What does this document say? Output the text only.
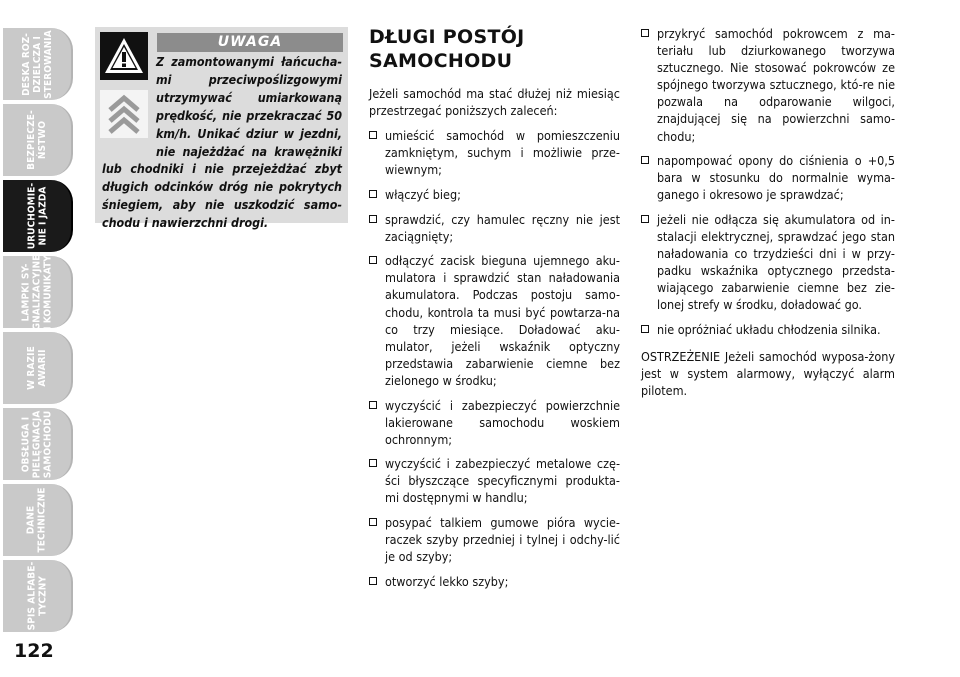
DESKA ROZ-
DZIELCZA I
STEROWANIA
BEZPIECZE-
ŃSTWO
URUCHOMIE-
NIE I JAZDA
LAMPKI SY-
GNALIZACYJNE
I KOMUNIKATY
W RAZIE
AWARII
OBSŁUGA I
PIELĘGNACJA
SAMOCHODU
DANE
TECHNICZNE
SPIS ALFABE-
TYCZNY
122
UWAGA

Z zamontowanymi łańcucha-mi przeciwpoślizgowymi utrzymywać umiarkowaną prędkość, nie przekraczać 50 km/h. Unikać dziur w jezdni, nie najeżdżać na krawężniki lub chodniki i nie przejeżdżać zbyt długich odcinków dróg nie pokrytych śniegiem, aby nie uszkodzić samo-chodu i nawierzchni drogi.

DŁUGI POSTÓJ SAMOCHODU

Jeżeli samochód ma stać dłużej niż miesiąc przestrzegać poniższych zaleceń:

umieścić samochód w pomieszczeniu zamkniętym, suchym i możliwie prze-wiewnym;
włączyć bieg;
sprawdzić, czy hamulec ręczny nie jest zaciągnięty;
odłączyć zacisk bieguna ujemnego aku-mulatora i sprawdzić stan naładowania akumulatora. Podczas postoju samo-chodu, kontrola ta musi być powtarza-na co trzy miesiące. Doładować aku-mulator, jeżeli wskaźnik optyczny przedstawia zabarwienie ciemne bez zielonego w środku;
wyczyścić i zabezpieczyć powierzchnie lakierowane samochodu woskiem ochronnym;
wyczyścić i zabezpieczyć metalowe czę-ści błyszczące specyficznymi produkta-mi dostępnymi w handlu;
posypać talkiem gumowe pióra wycie-raczek szyby przedniej i tylnej i odchy-lić je od szyby;
otworzyć lekko szyby;
przykryć samochód pokrowcem z ma-teriału lub dziurkowanego tworzywa sztucznego. Nie stosować pokrowców ze spójnego tworzywa sztucznego, któ-re nie pozwala na odparowanie wilgoci, znajdującej się na powierzchni samo-chodu;
napompować opony do ciśnienia o +0,5 bara w stosunku do normalnie wyma-ganego i okresowo je sprawdzać;
jeżeli nie odłącza się akumulatora od in-stalacji elektrycznej, sprawdzać jego stan naładowania co trzydzieści dni i w przy-padku wskaźnika optycznego przedsta-wiającego zabarwienie ciemne bez zie-lonej strefy w środku, doładować go.
nie opróżniać układu chłodzenia silnika.

OSTRZEŻENIE Jeżeli samochód wyposa-żony jest w system alarmowy, wyłączyć alarm pilotem.
